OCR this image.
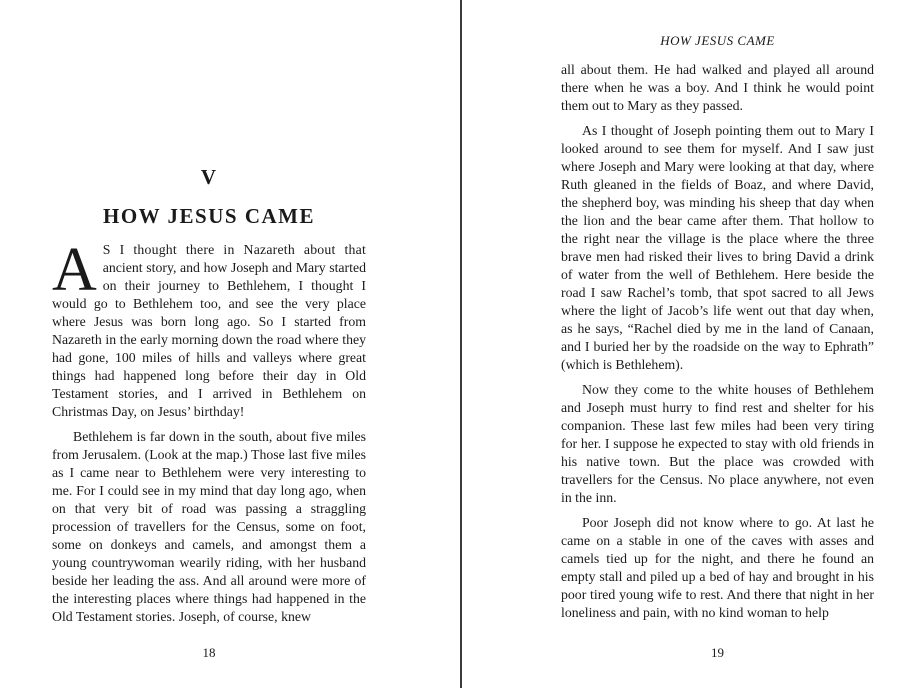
V
HOW JESUS CAME

A S I thought there in Nazareth about that ancient story, and how Joseph and Mary started on their journey to Bethlehem, I thought I would go to Bethlehem too, and see the very place where Jesus was born long ago. So I started from Nazareth in the early morning down the road where they had gone, 100 miles of hills and valleys where great things had happened long before their day in Old Testament stories, and I arrived in Bethlehem on Christmas Day, on Jesus’ birthday!

Bethlehem is far down in the south, about five miles from Jerusalem. (Look at the map.) Those last five miles as I came near to Bethlehem were very interesting to me. For I could see in my mind that day long ago, when on that very bit of road was passing a straggling procession of travellers for the Census, some on foot, some on donkeys and camels, and amongst them a young countrywoman wearily riding, with her husband beside her leading the ass. And all around were more of the interesting places where things had happened in the Old Testament stories. Joseph, of course, knew

18
HOW JESUS CAME

all about them. He had walked and played all around there when he was a boy. And I think he would point them out to Mary as they passed.

As I thought of Joseph pointing them out to Mary I looked around to see them for myself. And I saw just where Joseph and Mary were looking at that day, where Ruth gleaned in the fields of Boaz, and where David, the shepherd boy, was minding his sheep that day when the lion and the bear came after them. That hollow to the right near the village is the place where the three brave men had risked their lives to bring David a drink of water from the well of Bethlehem. Here beside the road I saw Rachel’s tomb, that spot sacred to all Jews where the light of Jacob’s life went out that day when, as he says, “Rachel died by me in the land of Canaan, and I buried her by the roadside on the way to Ephrath” (which is Bethlehem).

Now they come to the white houses of Bethlehem and Joseph must hurry to find rest and shelter for his companion. These last few miles had been very tiring for her. I suppose he expected to stay with old friends in his native town. But the place was crowded with travellers for the Census. No place anywhere, not even in the inn.

Poor Joseph did not know where to go. At last he came on a stable in one of the caves with asses and camels tied up for the night, and there he found an empty stall and piled up a bed of hay and brought in his poor tired young wife to rest. And there that night in her loneliness and pain, with no kind woman to help

19
